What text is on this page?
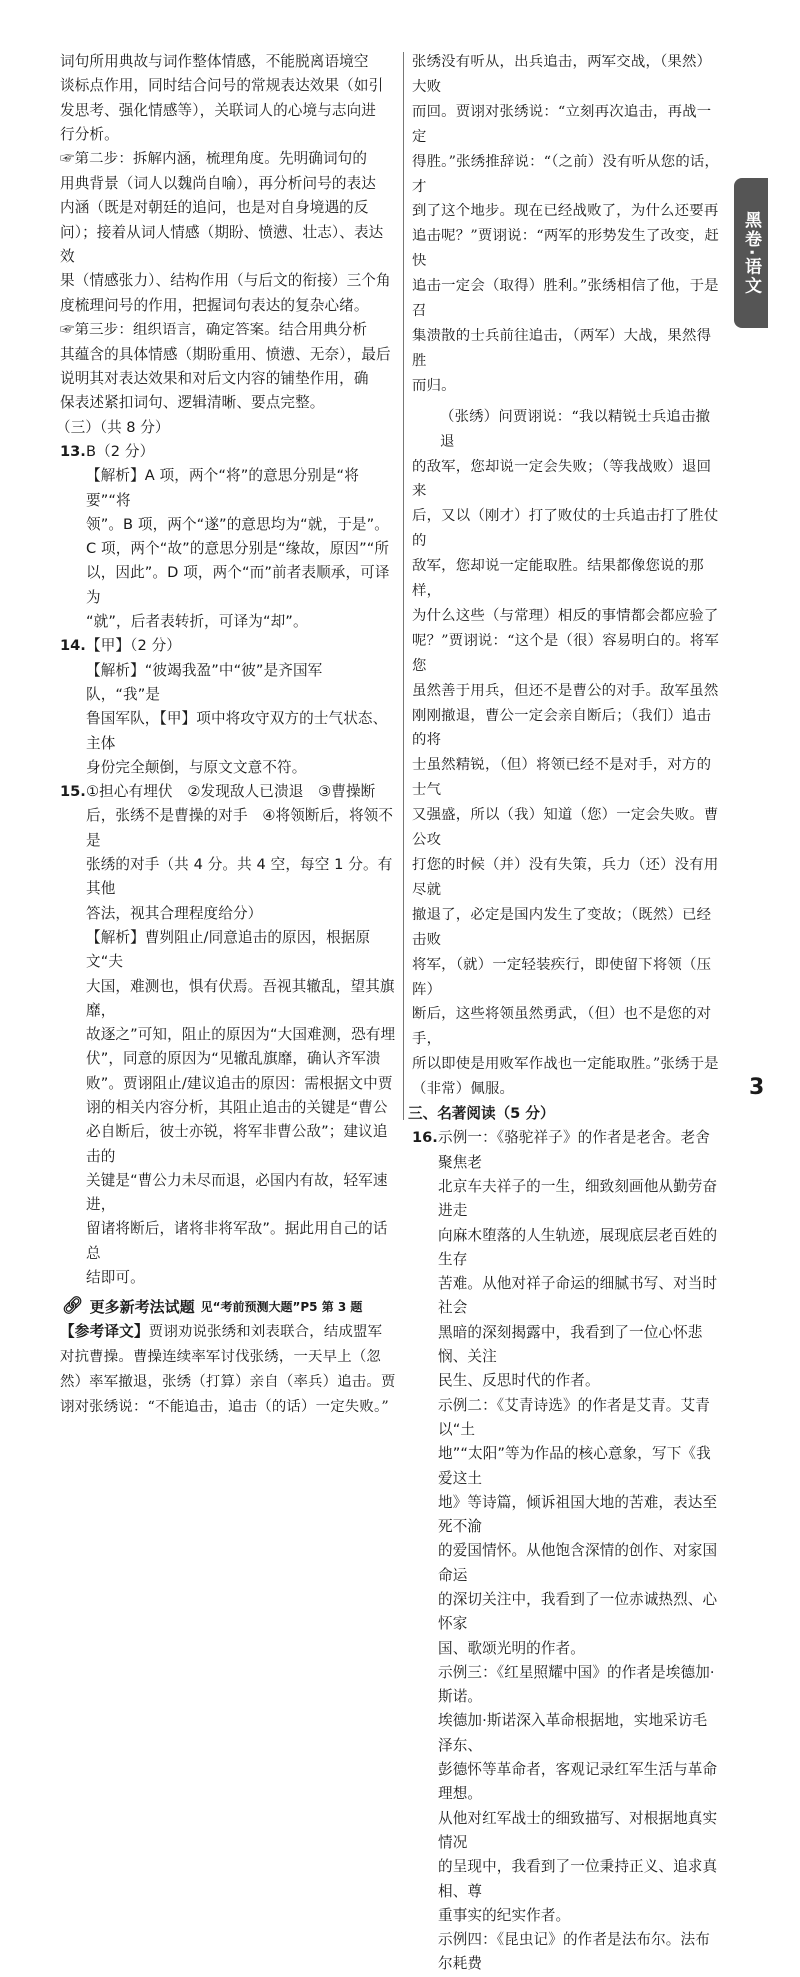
词句所用典故与词作整体情感，不能脱离语境空

谈标点作用，同时结合问号的常规表达效果（如引

发思考、强化情感等），关联词人的心境与志向进

行分析。

☞第二步：拆解内涵，梳理角度。先明确词句的

用典背景（词人以魏尚自喻），再分析问号的表达

内涵（既是对朝廷的追问，也是对自身境遇的反

问）；接着从词人情感（期盼、愤懑、壮志）、表达效

果（情感张力）、结构作用（与后文的衔接）三个角

度梳理问号的作用，把握词句表达的复杂心绪。

☞第三步：组织语言，确定答案。结合用典分析

其蕴含的具体情感（期盼重用、愤懑、无奈），最后

说明其对表达效果和对后文内容的铺垫作用，确

保表述紧扣词句、逻辑清晰、要点完整。

（三）（共 8 分）

13. B（2 分）

【解析】A 项，两个“将”的意思分别是“将要”“将

领”。B 项，两个“遂”的意思均为“就，于是”。

C 项，两个“故”的意思分别是“缘故，原因”“所

以，因此”。D 项，两个“而”前者表顺承，可译为

“就”，后者表转折，可译为“却”。

14. 【甲】（2 分）

【解析】“彼竭我盈”中“彼”是齐国军队，“我”是

鲁国军队，【甲】项中将攻守双方的士气状态、主体

身份完全颠倒，与原文文意不符。

15. ①担心有埋伏　②发现敌人已溃退　③曹操断

后，张绣不是曹操的对手　④将领断后，将领不是

张绣的对手（共 4 分。共 4 空，每空 1 分。有其他

答法，视其合理程度给分）

【解析】曹刿阻止/同意追击的原因，根据原文“夫

大国，难测也，惧有伏焉。吾视其辙乱，望其旗靡，

故逐之”可知，阻止的原因为“大国难测，恐有埋

伏”，同意的原因为“见辙乱旗靡，确认齐军溃

败”。贾诩阻止/建议追击的原因：需根据文中贾

诩的相关内容分析，其阻止追击的关键是“曹公

必自断后，彼士亦锐，将军非曹公敌”；建议追击的

关键是“曹公力未尽而退，必国内有故，轻军速进，

留诸将断后，诸将非将军敌”。据此用自己的话总

结即可。

🔗︎ 更多新考法试题 见“考前预测大题”P5 第 3 题

【参考译文】贾诩劝说张绣和刘表联合，结成盟军

对抗曹操。曹操连续率军讨伐张绣，一天早上（忽

然）率军撤退，张绣（打算）亲自（率兵）追击。贾

诩对张绣说：“不能追击，追击（的话）一定失败。”

张绣没有听从，出兵追击，两军交战，（果然）大败

而回。贾诩对张绣说：“立刻再次追击，再战一定

得胜。”张绣推辞说：“（之前）没有听从您的话，才

到了这个地步。现在已经战败了，为什么还要再

追击呢？”贾诩说：“两军的形势发生了改变，赶快

追击一定会（取得）胜利。”张绣相信了他，于是召

集溃散的士兵前往追击，（两军）大战，果然得胜

而归。

（张绣）问贾诩说：“我以精锐士兵追击撤退

的敌军，您却说一定会失败；（等我战败）退回来

后，又以（刚才）打了败仗的士兵追击打了胜仗的

敌军，您却说一定能取胜。结果都像您说的那样，

为什么这些（与常理）相反的事情都会都应验了

呢？”贾诩说：“这个是（很）容易明白的。将军您

虽然善于用兵，但还不是曹公的对手。敌军虽然

刚刚撤退，曹公一定会亲自断后；（我们）追击的将

士虽然精锐，（但）将领已经不是对手，对方的士气

又强盛，所以（我）知道（您）一定会失败。曹公攻

打您的时候（并）没有失策，兵力（还）没有用尽就

撤退了，必定是国内发生了变故；（既然）已经击败

将军，（就）一定轻装疾行，即使留下将领（压阵）

断后，这些将领虽然勇武，（但）也不是您的对手，

所以即使是用败军作战也一定能取胜。”张绣于是

（非常）佩服。

三、名著阅读（5 分）

16. 示例一：《骆驼祥子》的作者是老舍。老舍聚焦老

北京车夫祥子的一生，细致刻画他从勤劳奋进走

向麻木堕落的人生轨迹，展现底层老百姓的生存

苦难。从他对祥子命运的细腻书写、对当时社会

黑暗的深刻揭露中，我看到了一位心怀悲悯、关注

民生、反思时代的作者。

示例二：《艾青诗选》的作者是艾青。艾青以“土

地”“太阳”等为作品的核心意象，写下《我爱这土

地》等诗篇，倾诉祖国大地的苦难，表达至死不渝

的爱国情怀。从他饱含深情的创作、对家国命运

的深切关注中，我看到了一位赤诚热烈、心怀家

国、歌颂光明的作者。

示例三：《红星照耀中国》的作者是埃德加·斯诺。

埃德加·斯诺深入革命根据地，实地采访毛泽东、

彭德怀等革命者，客观记录红军生活与革命理想。

从他对红军战士的细致描写、对根据地真实情况

的呈现中，我看到了一位秉持正义、追求真相、尊

重事实的纪实作者。

示例四：《昆虫记》的作者是法布尔。法布尔耗费

黑卷·语文
3
